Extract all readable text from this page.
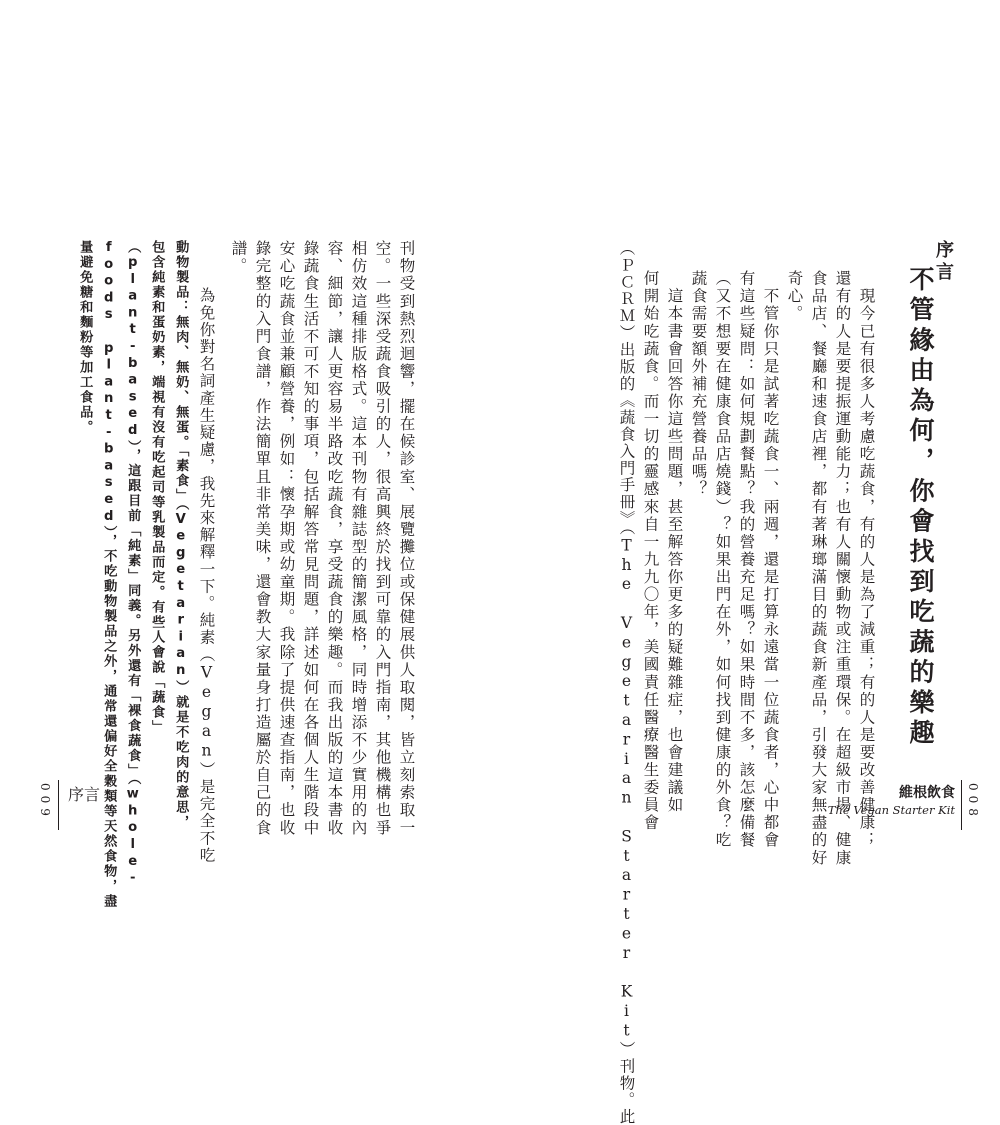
序言
不管緣由為何，你會找到吃蔬的樂趣
　現今已有很多人考慮吃蔬食，有的人是為了減重；有的人是要改善健康；
還有的人是要提振運動能力；也有人關懷動物或注重環保。在超級市場、健康
食品店、餐廳和速食店裡，都有著琳瑯滿目的蔬食新產品，引發大家無盡的好
奇心。
　不管你只是試著吃蔬食一、兩週，還是打算永遠當一位蔬食者，心中都會
有這些疑問：如何規劃餐點？我的營養充足嗎？如果時間不多，該怎麼備餐
（又不想要在健康食品店燒錢）？如果出門在外，如何找到健康的外食？吃
蔬食需要額外補充營養品嗎？
　這本書會回答你這些問題，甚至解答你更多的疑難雜症，也會建議如
何開始吃蔬食。而一切的靈感來自一九九〇年，美國責任醫療醫生委員會
（ＰＣＲＭ）出版的《蔬食入門手冊》（The Vegetarian Starter Kit）刊物。此	008
維根飲食
The Vegan Starter Kit
刊物受到熱烈迴響，擺在候診室、展覽攤位或保健展供人取閱，皆立刻索取一
空。一些深受蔬食吸引的人，很高興終於找到可靠的入門指南，其他機構也爭
相仿效這種排版格式。這本刊物有雜誌型的簡潔風格，同時增添不少實用的內
容、細節，讓人更容易半路改吃蔬食，享受蔬食的樂趣。而我出版的這本書收
錄蔬食生活不可不知的事項，包括解答常見問題，詳述如何在各個人生階段中
安心吃蔬食並兼顧營養，例如：懷孕期或幼童期。我除了提供速查指南，也收
錄完整的入門食譜，作法簡單且非常美味，還會教大家量身打造屬於自己的食
譜。
　為免你對名詞產生疑慮，我先來解釋一下。純素（Vegan）是完全不吃
動物製品：無肉、無奶、無蛋。「素食」（Vegetarian）就是不吃肉的意思，
包含純素和蛋奶素，端視有沒有吃起司等乳製品而定。有些人會說「蔬食」
（plant-based），這跟目前「純素」同義。另外還有「裸食蔬食」（whole-
foods plant-based），不吃動物製品之外，通常還偏好全穀類等天然食物，盡
量避免糖和麵粉等加工食品。
009 序言
